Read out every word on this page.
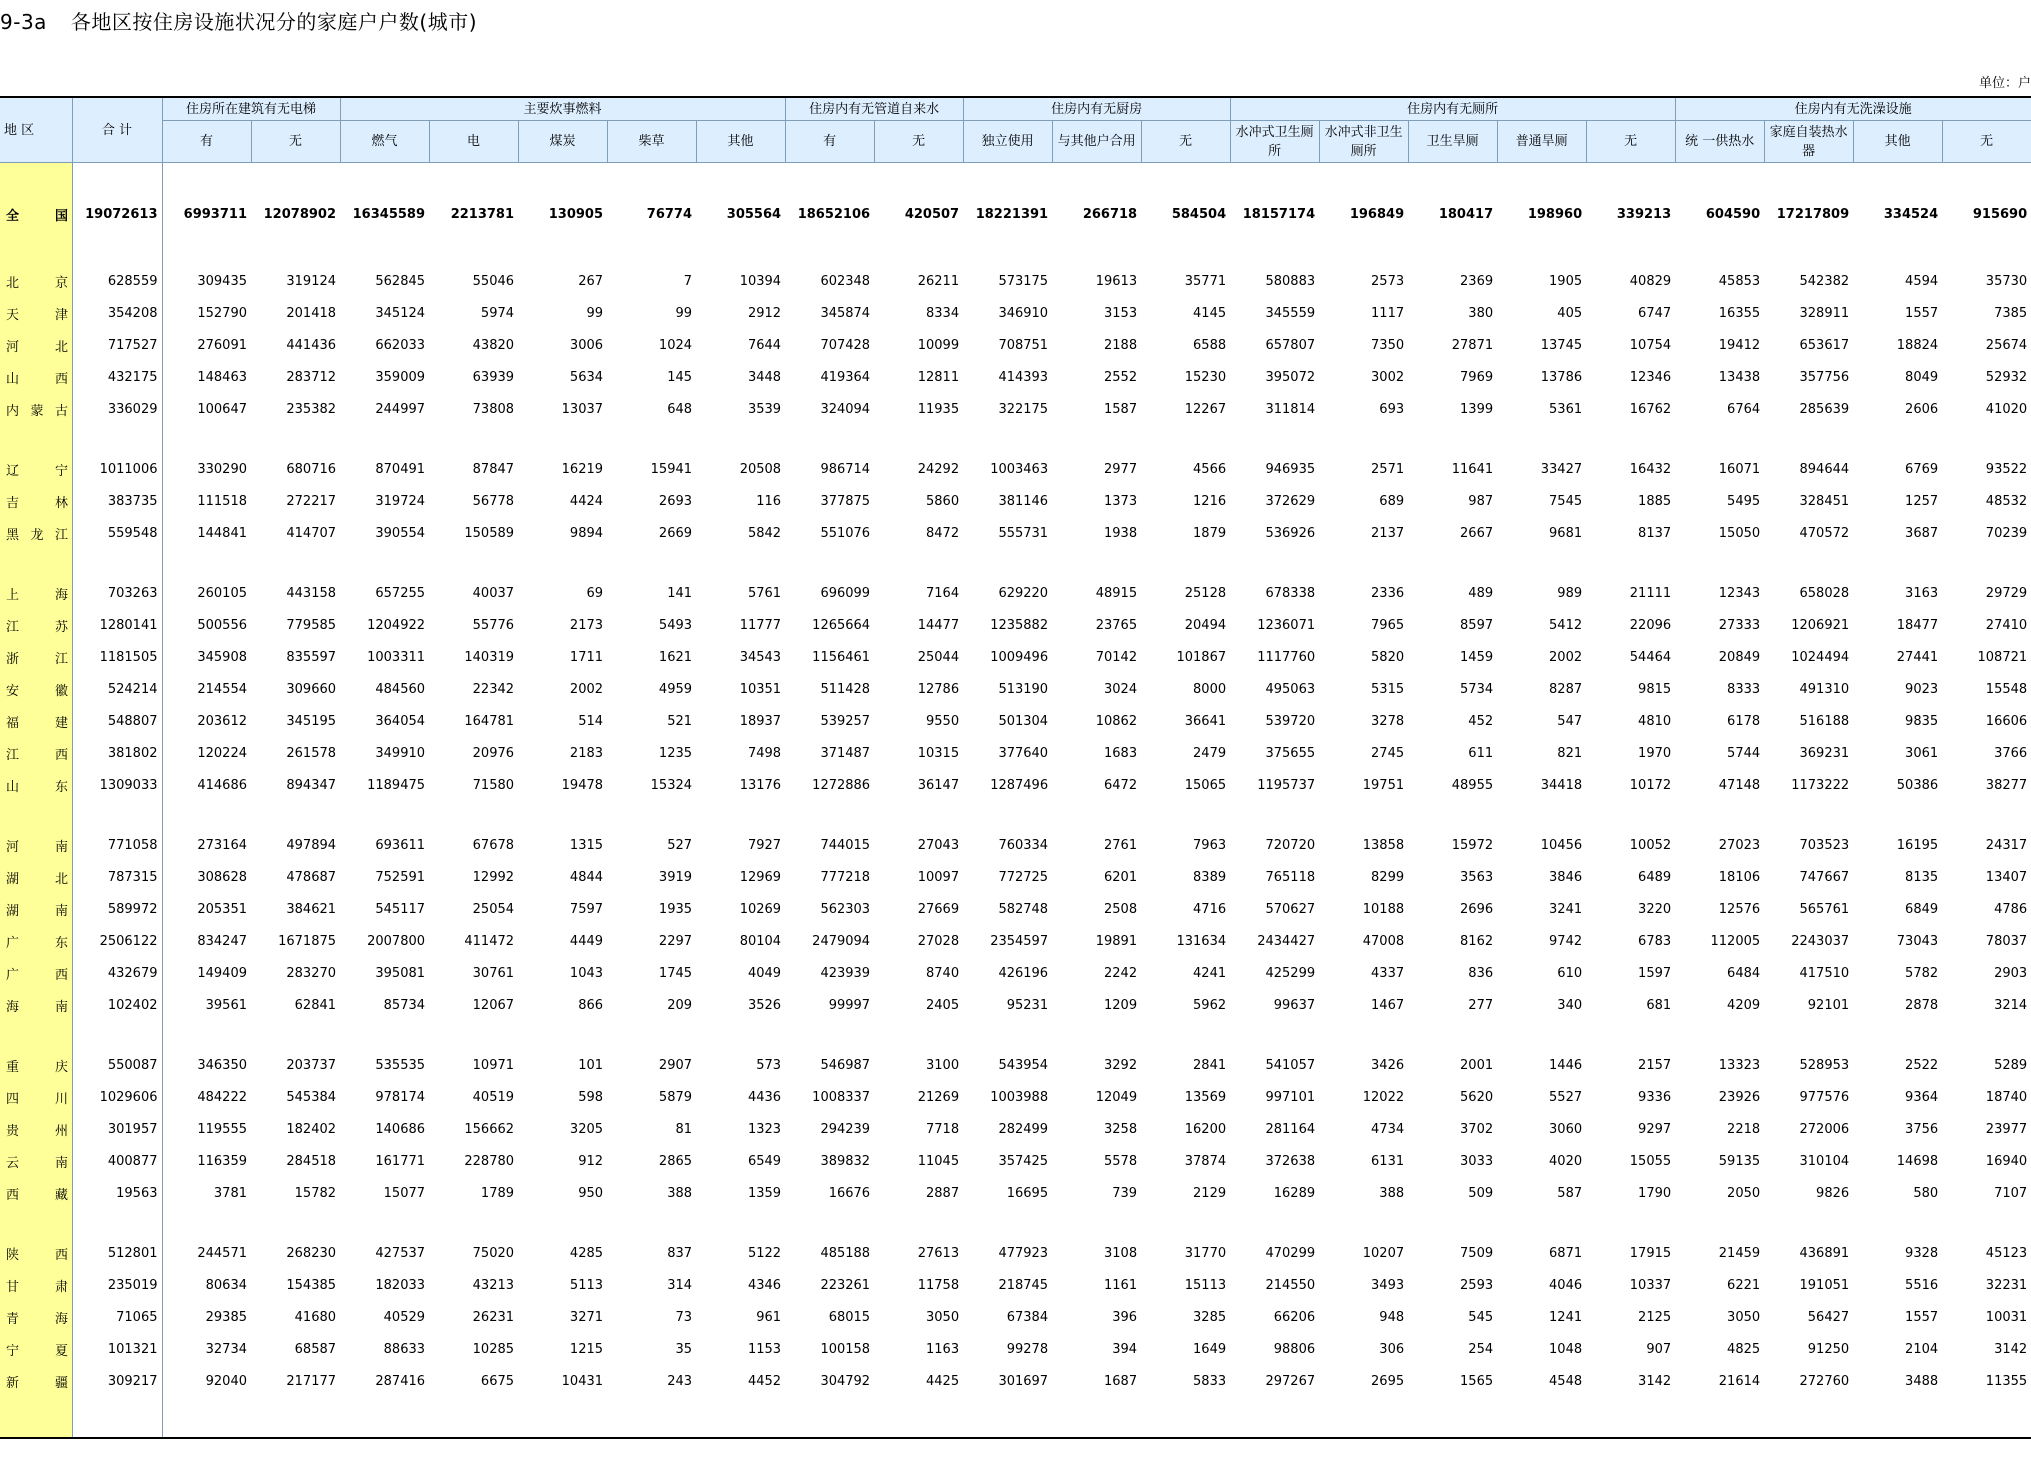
9-3a 各地区按住房设施状况分的家庭户户数(城市)
单位：户
地 区	合 计	住房所在建筑有无电梯		主要炊事燃料					住房内有无管道自来水		住房内有无厨房			住房内有无厕所					住房内有无洗澡设施			
		有	无	燃气	电	煤炭	柴草	其他	有	无	独立使用	与其他户合用	无	水冲式卫生厕所	水冲式非卫生厕所	卫生旱厕	普通旱厕	无	统 一供热水	家庭自装热水器	其他	无

全 国	19072613	6993711	12078902	16345589	2213781	130905	76774	305564	18652106	420507	18221391	266718	584504	18157174	196849	180417	198960	339213	604590	17217809	334524	915690

北 京	628559	309435	319124	562845	55046	267	7	10394	602348	26211	573175	19613	35771	580883	2573	2369	1905	40829	45853	542382	4594	35730
天 津	354208	152790	201418	345124	5974	99	99	2912	345874	8334	346910	3153	4145	345559	1117	380	405	6747	16355	328911	1557	7385
河 北	717527	276091	441436	662033	43820	3006	1024	7644	707428	10099	708751	2188	6588	657807	7350	27871	13745	10754	19412	653617	18824	25674
山 西	432175	148463	283712	359009	63939	5634	145	3448	419364	12811	414393	2552	15230	395072	3002	7969	13786	12346	13438	357756	8049	52932
内蒙古	336029	100647	235382	244997	73808	13037	648	3539	324094	11935	322175	1587	12267	311814	693	1399	5361	16762	6764	285639	2606	41020

辽 宁	1011006	330290	680716	870491	87847	16219	15941	20508	986714	24292	1003463	2977	4566	946935	2571	11641	33427	16432	16071	894644	6769	93522
吉 林	383735	111518	272217	319724	56778	4424	2693	116	377875	5860	381146	1373	1216	372629	689	987	7545	1885	5495	328451	1257	48532
黑龙江	559548	144841	414707	390554	150589	9894	2669	5842	551076	8472	555731	1938	1879	536926	2137	2667	9681	8137	15050	470572	3687	70239

上 海	703263	260105	443158	657255	40037	69	141	5761	696099	7164	629220	48915	25128	678338	2336	489	989	21111	12343	658028	3163	29729
江 苏	1280141	500556	779585	1204922	55776	2173	5493	11777	1265664	14477	1235882	23765	20494	1236071	7965	8597	5412	22096	27333	1206921	18477	27410
浙 江	1181505	345908	835597	1003311	140319	1711	1621	34543	1156461	25044	1009496	70142	101867	1117760	5820	1459	2002	54464	20849	1024494	27441	108721
安 徽	524214	214554	309660	484560	22342	2002	4959	10351	511428	12786	513190	3024	8000	495063	5315	5734	8287	9815	8333	491310	9023	15548
福 建	548807	203612	345195	364054	164781	514	521	18937	539257	9550	501304	10862	36641	539720	3278	452	547	4810	6178	516188	9835	16606
江 西	381802	120224	261578	349910	20976	2183	1235	7498	371487	10315	377640	1683	2479	375655	2745	611	821	1970	5744	369231	3061	3766
山 东	1309033	414686	894347	1189475	71580	19478	15324	13176	1272886	36147	1287496	6472	15065	1195737	19751	48955	34418	10172	47148	1173222	50386	38277

河 南	771058	273164	497894	693611	67678	1315	527	7927	744015	27043	760334	2761	7963	720720	13858	15972	10456	10052	27023	703523	16195	24317
湖 北	787315	308628	478687	752591	12992	4844	3919	12969	777218	10097	772725	6201	8389	765118	8299	3563	3846	6489	18106	747667	8135	13407
湖 南	589972	205351	384621	545117	25054	7597	1935	10269	562303	27669	582748	2508	4716	570627	10188	2696	3241	3220	12576	565761	6849	4786
广 东	2506122	834247	1671875	2007800	411472	4449	2297	80104	2479094	27028	2354597	19891	131634	2434427	47008	8162	9742	6783	112005	2243037	73043	78037
广 西	432679	149409	283270	395081	30761	1043	1745	4049	423939	8740	426196	2242	4241	425299	4337	836	610	1597	6484	417510	5782	2903
海 南	102402	39561	62841	85734	12067	866	209	3526	99997	2405	95231	1209	5962	99637	1467	277	340	681	4209	92101	2878	3214

重 庆	550087	346350	203737	535535	10971	101	2907	573	546987	3100	543954	3292	2841	541057	3426	2001	1446	2157	13323	528953	2522	5289
四 川	1029606	484222	545384	978174	40519	598	5879	4436	1008337	21269	1003988	12049	13569	997101	12022	5620	5527	9336	23926	977576	9364	18740
贵 州	301957	119555	182402	140686	156662	3205	81	1323	294239	7718	282499	3258	16200	281164	4734	3702	3060	9297	2218	272006	3756	23977
云 南	400877	116359	284518	161771	228780	912	2865	6549	389832	11045	357425	5578	37874	372638	6131	3033	4020	15055	59135	310104	14698	16940
西 藏	19563	3781	15782	15077	1789	950	388	1359	16676	2887	16695	739	2129	16289	388	509	587	1790	2050	9826	580	7107

陕 西	512801	244571	268230	427537	75020	4285	837	5122	485188	27613	477923	3108	31770	470299	10207	7509	6871	17915	21459	436891	9328	45123
甘 肃	235019	80634	154385	182033	43213	5113	314	4346	223261	11758	218745	1161	15113	214550	3493	2593	4046	10337	6221	191051	5516	32231
青 海	71065	29385	41680	40529	26231	3271	73	961	68015	3050	67384	396	3285	66206	948	545	1241	2125	3050	56427	1557	10031
宁 夏	101321	32734	68587	88633	10285	1215	35	1153	100158	1163	99278	394	1649	98806	306	254	1048	907	4825	91250	2104	3142
新 疆	309217	92040	217177	287416	6675	10431	243	4452	304792	4425	301697	1687	5833	297267	2695	1565	4548	3142	21614	272760	3488	11355
